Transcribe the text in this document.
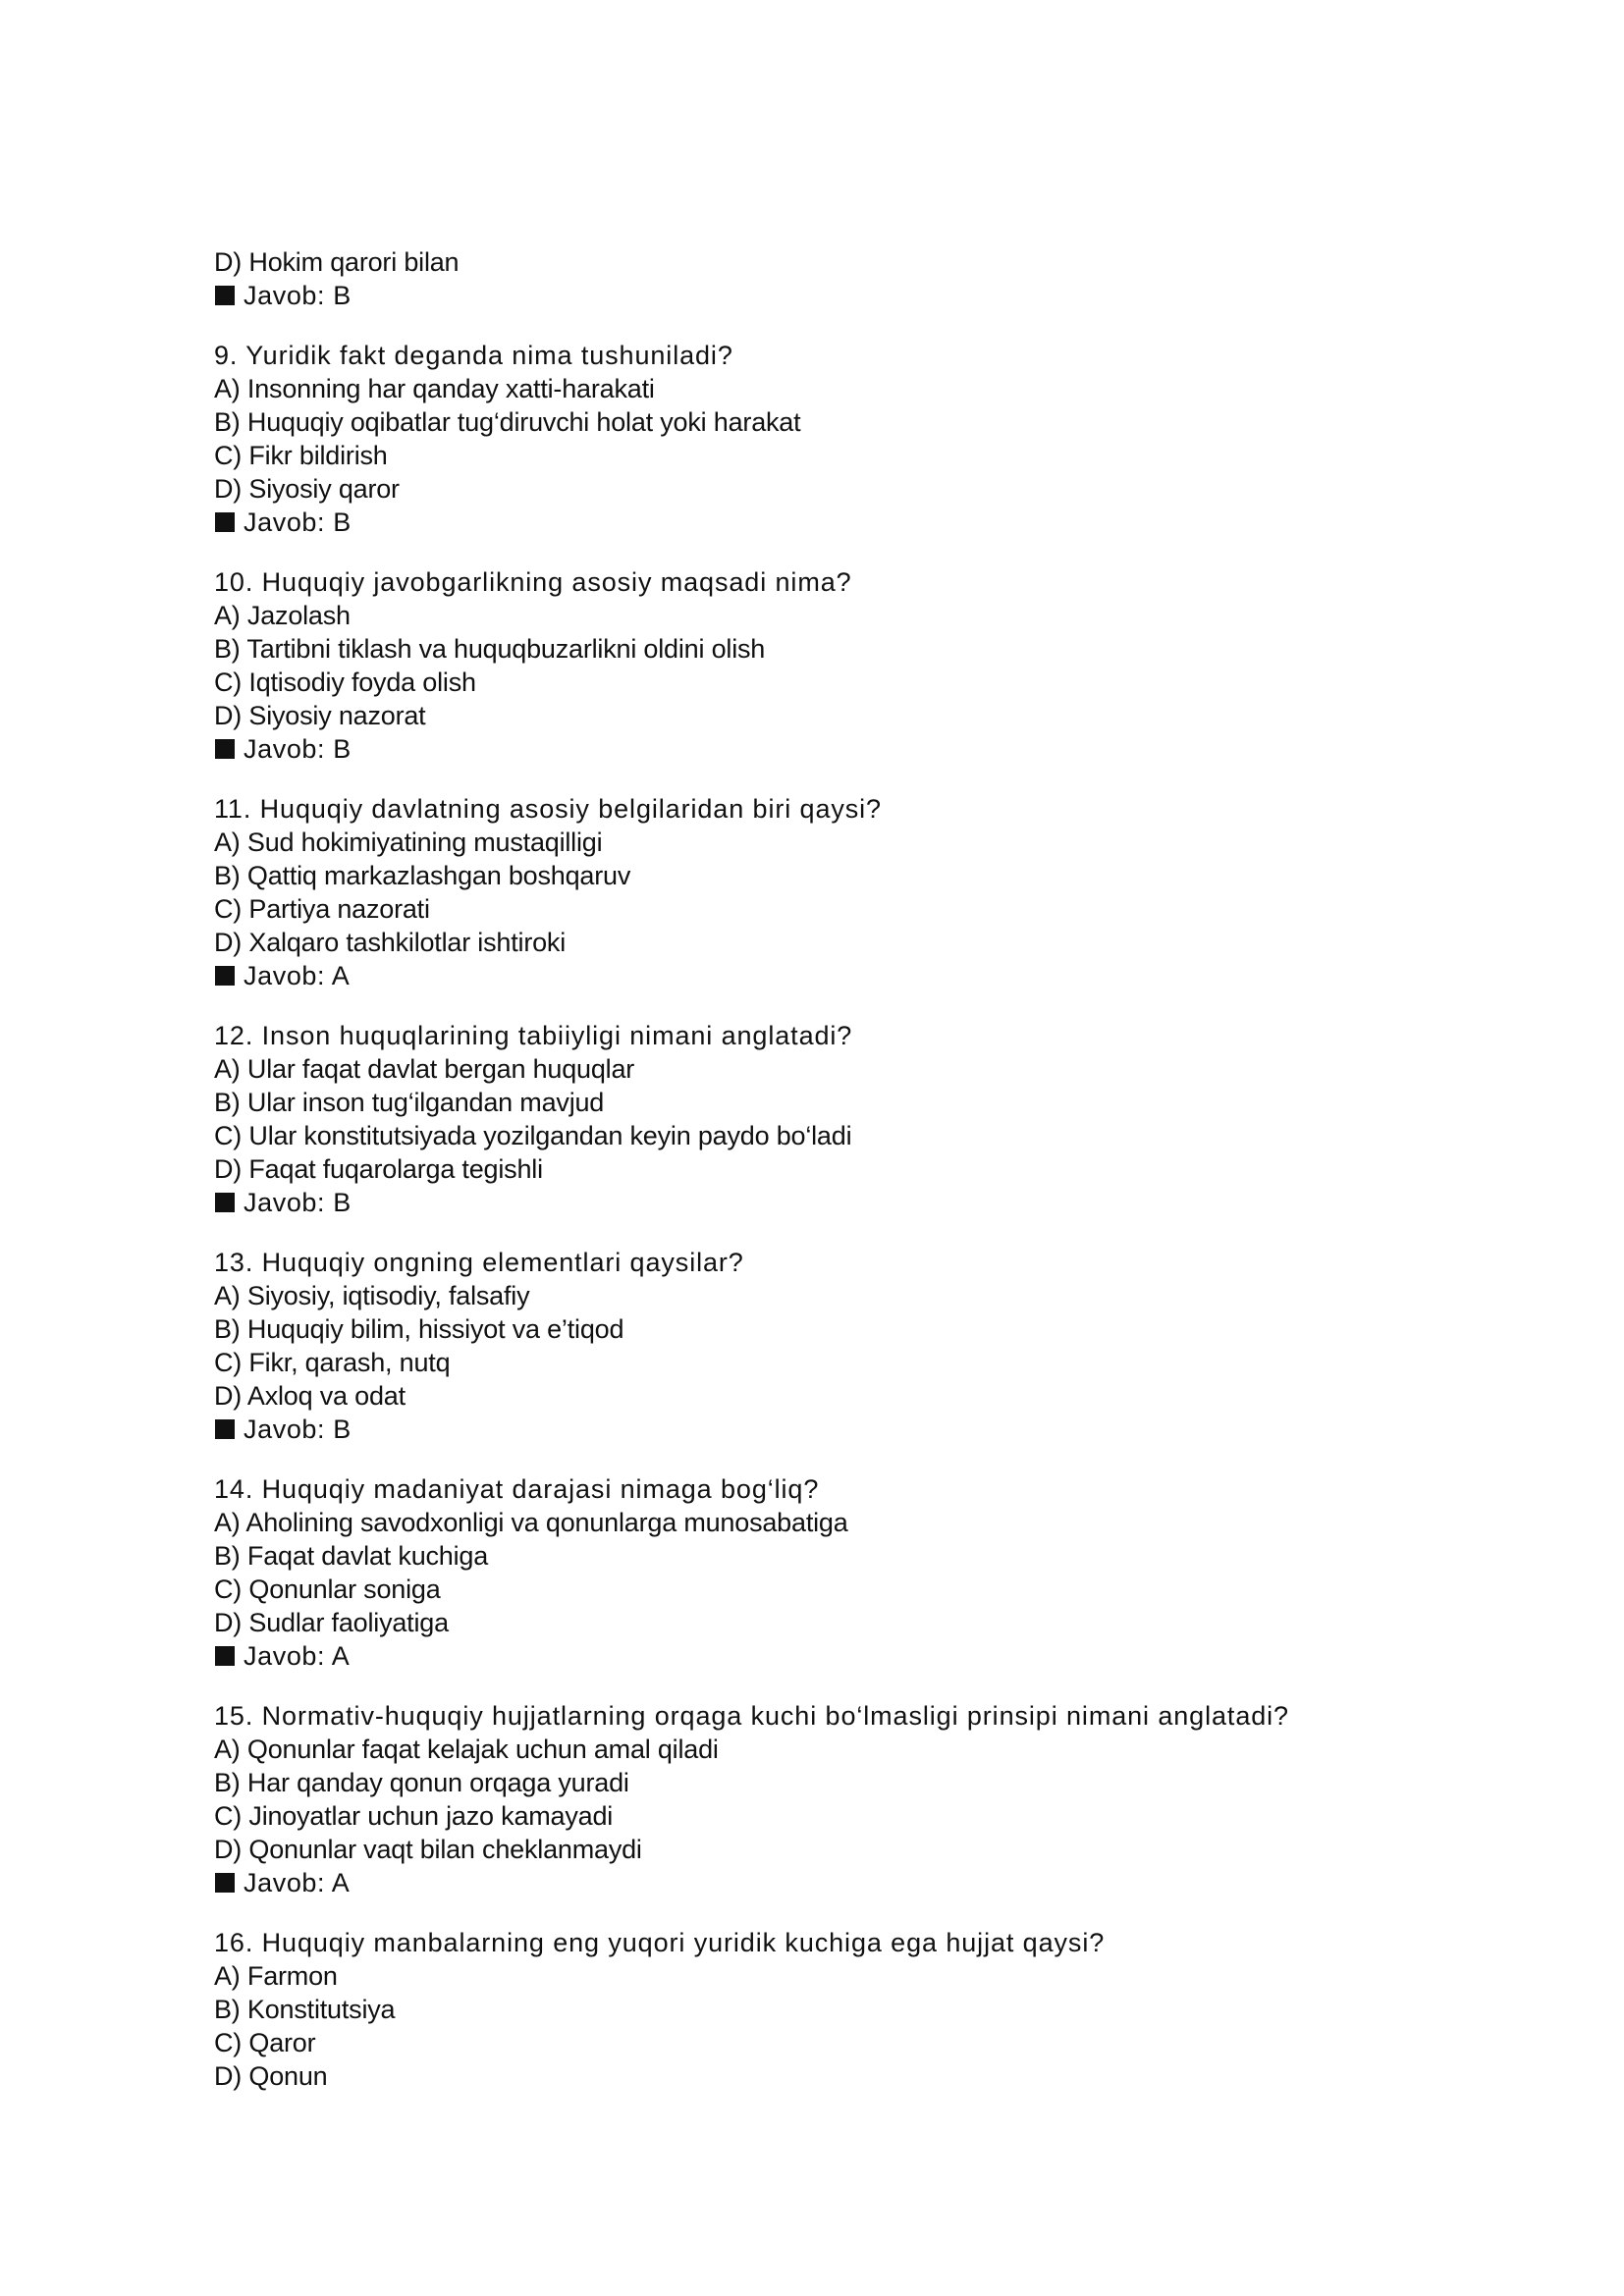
D) Hokim qarori bilan
Javob: B
9. Yuridik fakt deganda nima tushuniladi?
A) Insonning har qanday xatti-harakati
B) Huquqiy oqibatlar tug‘diruvchi holat yoki harakat
C) Fikr bildirish
D) Siyosiy qaror
Javob: B
10. Huquqiy javobgarlikning asosiy maqsadi nima?
A) Jazolash
B) Tartibni tiklash va huquqbuzarlikni oldini olish
C) Iqtisodiy foyda olish
D) Siyosiy nazorat
Javob: B
11. Huquqiy davlatning asosiy belgilaridan biri qaysi?
A) Sud hokimiyatining mustaqilligi
B) Qattiq markazlashgan boshqaruv
C) Partiya nazorati
D) Xalqaro tashkilotlar ishtiroki
Javob: A
12. Inson huquqlarining tabiiyligi nimani anglatadi?
A) Ular faqat davlat bergan huquqlar
B) Ular inson tug‘ilgandan mavjud
C) Ular konstitutsiyada yozilgandan keyin paydo bo‘ladi
D) Faqat fuqarolarga tegishli
Javob: B
13. Huquqiy ongning elementlari qaysilar?
A) Siyosiy, iqtisodiy, falsafiy
B) Huquqiy bilim, hissiyot va e’tiqod
C) Fikr, qarash, nutq
D) Axloq va odat
Javob: B
14. Huquqiy madaniyat darajasi nimaga bog‘liq?
A) Aholining savodxonligi va qonunlarga munosabatiga
B) Faqat davlat kuchiga
C) Qonunlar soniga
D) Sudlar faoliyatiga
Javob: A
15. Normativ-huquqiy hujjatlarning orqaga kuchi bo‘lmasligi prinsipi nimani anglatadi?
A) Qonunlar faqat kelajak uchun amal qiladi
B) Har qanday qonun orqaga yuradi
C) Jinoyatlar uchun jazo kamayadi
D) Qonunlar vaqt bilan cheklanmaydi
Javob: A
16. Huquqiy manbalarning eng yuqori yuridik kuchiga ega hujjat qaysi?
A) Farmon
B) Konstitutsiya
C) Qaror
D) Qonun
